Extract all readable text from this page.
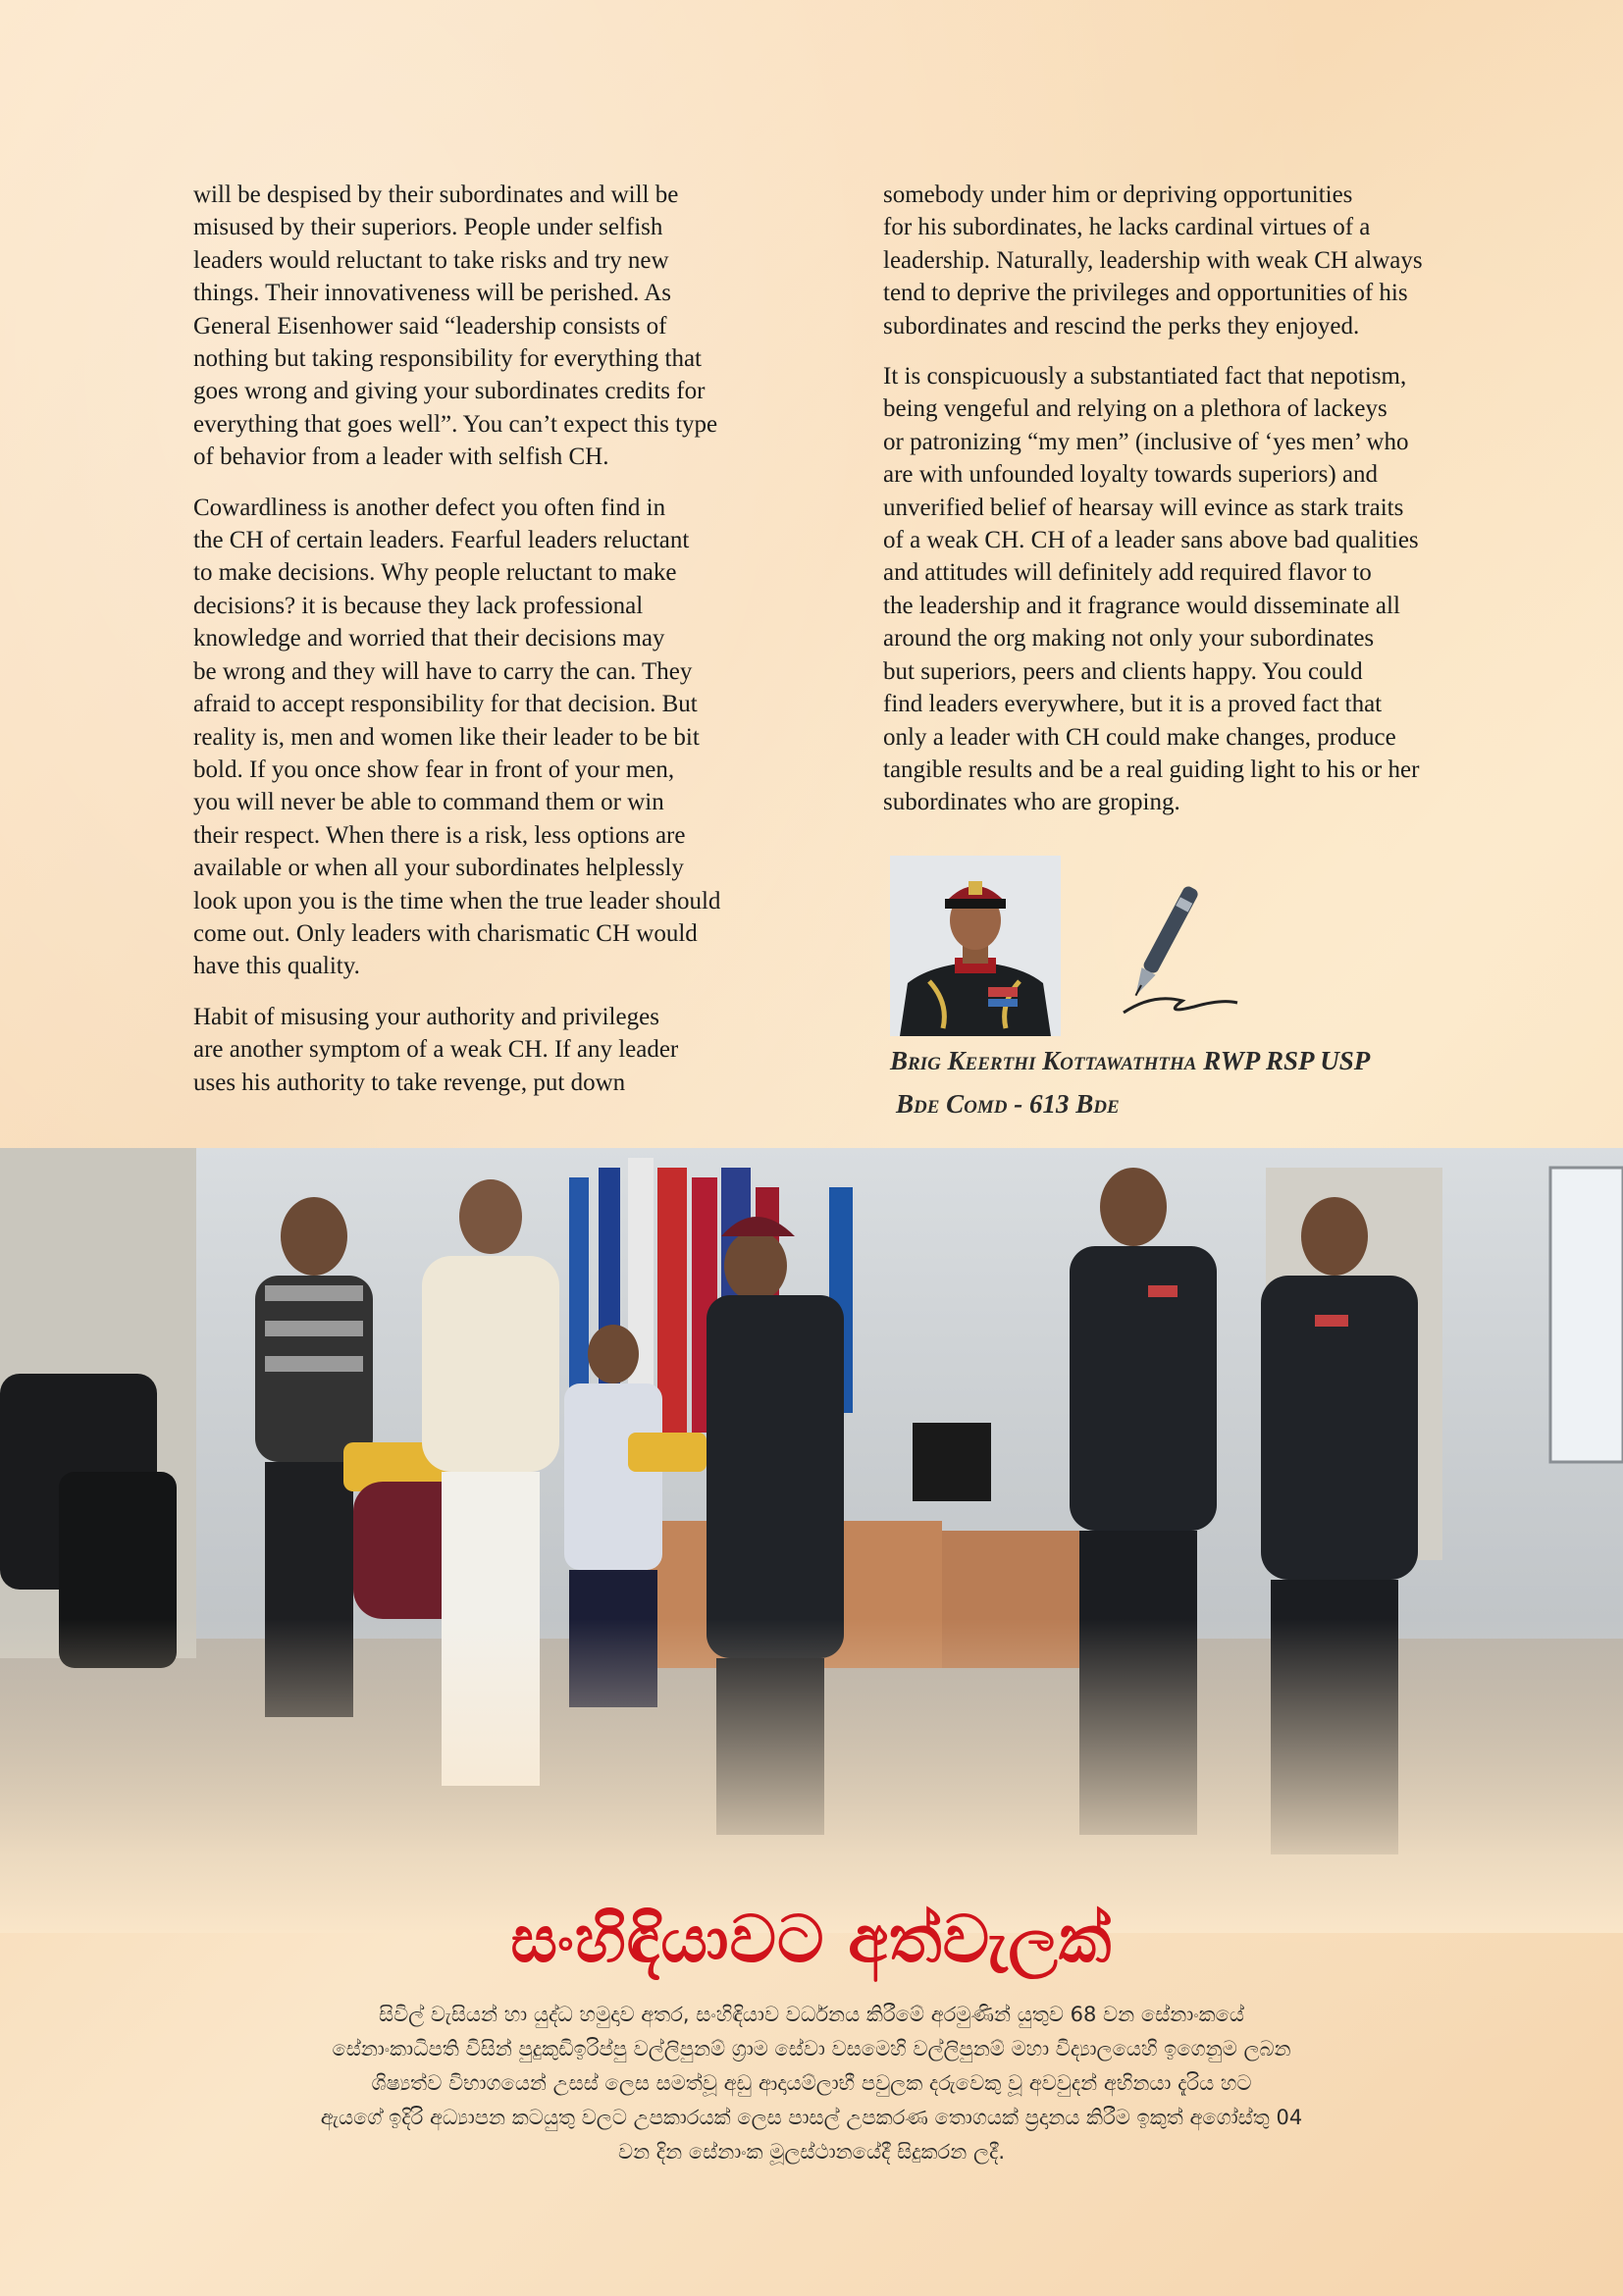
will be despised by their subordinates and will be
misused by their superiors. People under selfish
leaders would reluctant to take risks and try new
things. Their innovativeness will be perished. As
General Eisenhower said “leadership consists of
nothing but taking responsibility for everything that
goes wrong and giving your subordinates credits for
everything that goes well”. You can’t expect this type
of behavior from a leader with selfish CH.

Cowardliness is another defect you often find in
the CH of certain leaders. Fearful leaders reluctant
to make decisions. Why people reluctant to make
decisions? it is because they lack professional
knowledge and worried that their decisions may
be wrong and they will have to carry the can. They
afraid to accept responsibility for that decision. But
reality is, men and women like their leader to be bit
bold. If you once show fear in front of your men,
you will never be able to command them or win
their respect. When there is a risk, less options are
available or when all your subordinates helplessly
look upon you is the time when the true leader should
come out. Only leaders with charismatic CH would
have this quality.

Habit of misusing your authority and privileges
are another symptom of a weak CH. If any leader
uses his authority to take revenge, put down

somebody under him or depriving opportunities
for his subordinates, he lacks cardinal virtues of a
leadership. Naturally, leadership with weak CH always
tend to deprive the privileges and opportunities of his
subordinates and rescind the perks they enjoyed.

It is conspicuously a substantiated fact that nepotism,
being vengeful and relying on a plethora of lackeys
or patronizing “my men” (inclusive of ‘yes men’ who
are with unfounded loyalty towards superiors) and
unverified belief of hearsay will evince as stark traits
of a weak CH. CH of a leader sans above bad qualities
and attitudes will definitely add required flavor to
the leadership and it fragrance would disseminate all
around the org making not only your subordinates
but superiors, peers and clients happy. You could
find leaders everywhere, but it is a proved fact that
only a leader with CH could make changes, produce
tangible results and be a real guiding light to his or her
subordinates who are groping.

Brig Keerthi Kottawaththa RWP RSP USP
Bde Comd - 613 Bde
සංහිඳියාවට අත්වැලක්
සිවිල් වැසියන් හා යුද්ධ හමුදාව අතර, සංහිඳියාව වර්ධනය කිරීමේ අරමුණින් යුතුව 68 වන සේනාංකයේ
සේනාංකාධිපති විසින් පුදුකුඩිඉරිප්පු වල්ලිපුනම් ග්‍රාම සේවා වසමෙහි වල්ලිපුනම් මහා විද්‍යාලයෙහි ඉගෙනුම ලබන
ශිෂ්‍යත්ව විභාගයෙන් උසස් ලෙස සමත්වූ අඩු ආදායම්ලාභී පවුලක දරුවෙකු වූ අවවුදන් අභිනයා දැරිය හට
ඇයගේ ඉදිරි අධ්‍යාපන කටයුතු වලට උපකාරයක් ලෙස පාසල් උපකරණ තොගයක් ප්‍රදානය කිරීම ඉකුත් අගෝස්තු 04
වන දින සේනාංක මූලස්ථානයේදී සිදුකරන ලදී.
